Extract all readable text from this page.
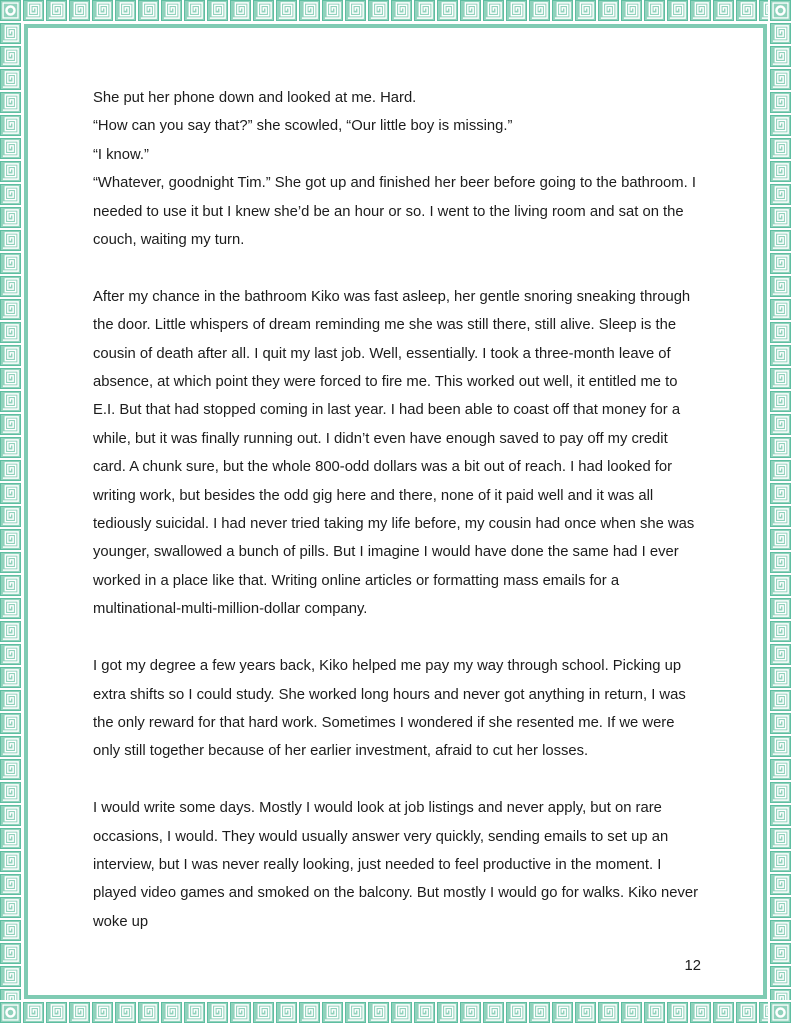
She put her phone down and looked at me. Hard.
“How can you say that?” she scowled, “Our little boy is missing.”
“I know.”
“Whatever, goodnight Tim.” She got up and finished her beer before going to the bathroom. I needed to use it but I knew she’d be an hour or so. I went to the living room and sat on the couch, waiting my turn.
After my chance in the bathroom Kiko was fast asleep, her gentle snoring sneaking through the door. Little whispers of dream reminding me she was still there, still alive. Sleep is the cousin of death after all. I quit my last job. Well, essentially. I took a three-month leave of absence, at which point they were forced to fire me. This worked out well, it entitled me to E.I. But that had stopped coming in last year. I had been able to coast off that money for a while, but it was finally running out. I didn’t even have enough saved to pay off my credit card. A chunk sure, but the whole 800-odd dollars was a bit out of reach. I had looked for writing work, but besides the odd gig here and there, none of it paid well and it was all tediously suicidal. I had never tried taking my life before, my cousin had once when she was younger, swallowed a bunch of pills. But I imagine I would have done the same had I ever worked in a place like that. Writing online articles or formatting mass emails for a multinational-multi-million-dollar company.
I got my degree a few years back, Kiko helped me pay my way through school. Picking up extra shifts so I could study. She worked long hours and never got anything in return, I was the only reward for that hard work. Sometimes I wondered if she resented me. If we were only still together because of her earlier investment, afraid to cut her losses.
I would write some days. Mostly I would look at job listings and never apply, but on rare occasions, I would. They would usually answer very quickly, sending emails to set up an interview, but I was never really looking, just needed to feel productive in the moment. I played video games and smoked on the balcony. But mostly I would go for walks. Kiko never woke up
12
